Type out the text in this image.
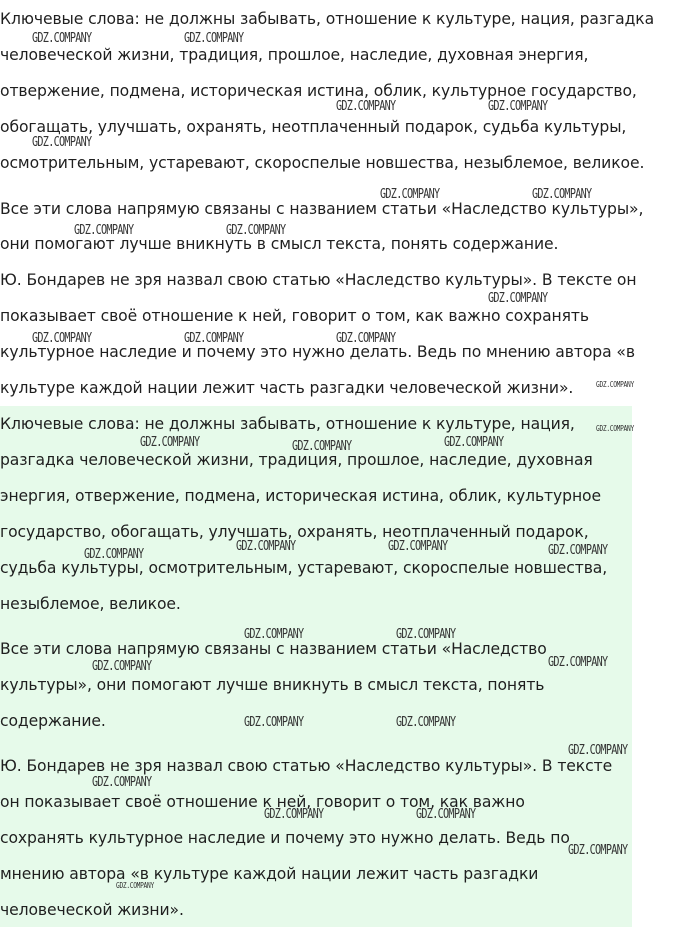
Ключевые слова: не должны забывать, отношение к культуре, нация, разгадка
человеческой жизни, традиция, прошлое, наследие, духовная энергия,
отвержение, подмена, историческая истина, облик, культурное государство,
обогащать, улучшать, охранять, неотплаченный подарок, судьба культуры,
осмотрительным, устаревают, скороспелые новшества, незыблемое, великое.
Все эти слова напрямую связаны с названием статьи «Наследство культуры»,
они помогают лучше вникнуть в смысл текста, понять содержание.
Ю. Бондарев не зря назвал свою статью «Наследство культуры». В тексте он
показывает своё отношение к ней, говорит о том, как важно сохранять
культурное наследие и почему это нужно делать. Ведь по мнению автора «в
культуре каждой нации лежит часть разгадки человеческой жизни».
Ключевые слова: не должны забывать, отношение к культуре, нация,
разгадка человеческой жизни, традиция, прошлое, наследие, духовная
энергия, отвержение, подмена, историческая истина, облик, культурное
государство, обогащать, улучшать, охранять, неотплаченный подарок,
судьба культуры, осмотрительным, устаревают, скороспелые новшества,
незыблемое, великое.
Все эти слова напрямую связаны с названием статьи «Наследство
культуры», они помогают лучше вникнуть в смысл текста, понять
содержание.
Ю. Бондарев не зря назвал свою статью «Наследство культуры». В тексте
он показывает своё отношение к ней, говорит о том, как важно
сохранять культурное наследие и почему это нужно делать. Ведь по
мнению автора «в культуре каждой нации лежит часть разгадки
человеческой жизни».
GDZ.COMPANY	GDZ.COMPANY
GDZ.COMPANY	GDZ.COMPANY
GDZ.COMPANY
GDZ.COMPANY	GDZ.COMPANY
GDZ.COMPANY	GDZ.COMPANY
GDZ.COMPANY
GDZ.COMPANY	GDZ.COMPANY	GDZ.COMPANY
GDZ.COMPANY
GDZ.COMPANY
GDZ.COMPANY	GDZ.COMPANY	GDZ.COMPANY
GDZ.COMPANY	GDZ.COMPANY
GDZ.COMPANY	GDZ.COMPANY
GDZ.COMPANY	GDZ.COMPANY
GDZ.COMPANY	GDZ.COMPANY
GDZ.COMPANY	GDZ.COMPANY
GDZ.COMPANY
GDZ.COMPANY
GDZ.COMPANY	GDZ.COMPANY
GDZ.COMPANY
GDZ.COMPANY
